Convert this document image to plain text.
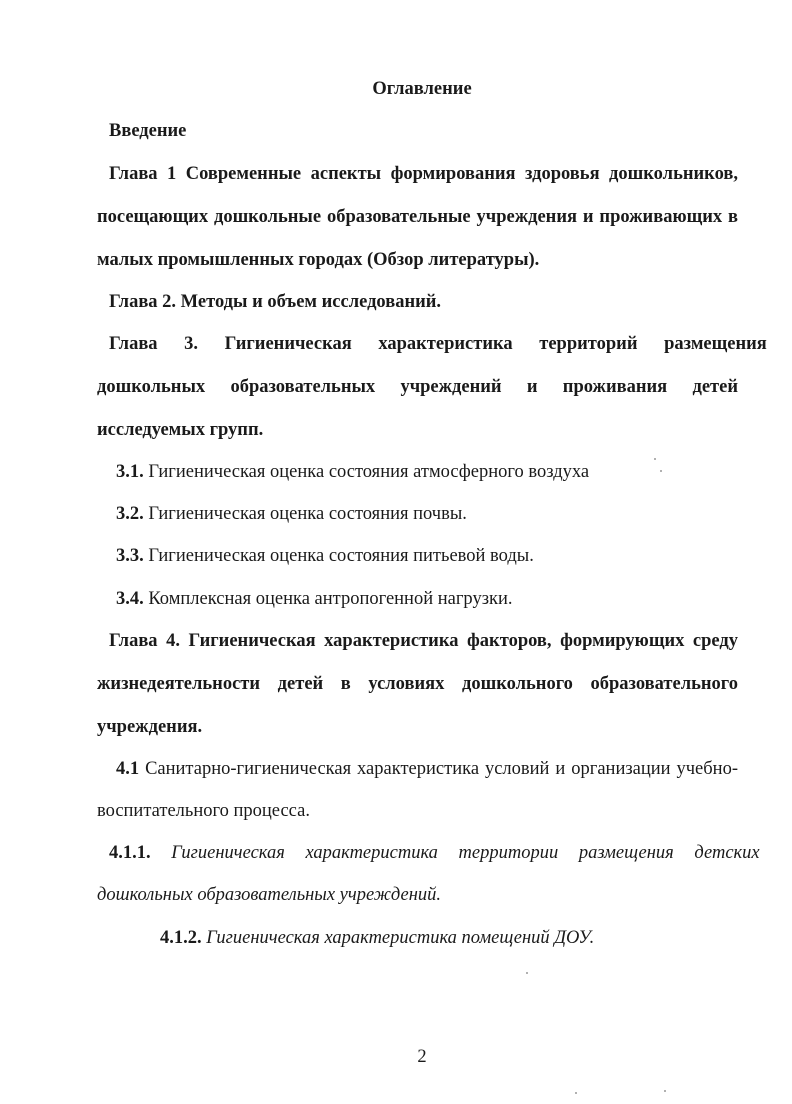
Оглавление
Введение
Глава 1 Современные аспекты формирования здоровья дошкольников,
посещающих дошкольные образовательные учреждения и проживающих в
малых промышленных городах (Обзор литературы).
Глава 2. Методы и объем исследований.
Глава 3. Гигиеническая характеристика территорий размещения
дошкольных образовательных учреждений и проживания детей
исследуемых групп.
3.1. Гигиеническая оценка состояния атмосферного воздуха
3.2. Гигиеническая оценка состояния почвы.
3.3. Гигиеническая оценка состояния питьевой воды.
3.4. Комплексная оценка антропогенной нагрузки.
Глава 4. Гигиеническая характеристика факторов, формирующих среду
жизнедеятельности детей в условиях дошкольного образовательного
учреждения.
4.1 Санитарно-гигиеническая характеристика условий и организации учебно-
воспитательного процесса.
4.1.1. Гигиеническая характеристика территории размещения детских
дошкольных образовательных учреждений.
4.1.2. Гигиеническая характеристика помещений ДОУ.
2
